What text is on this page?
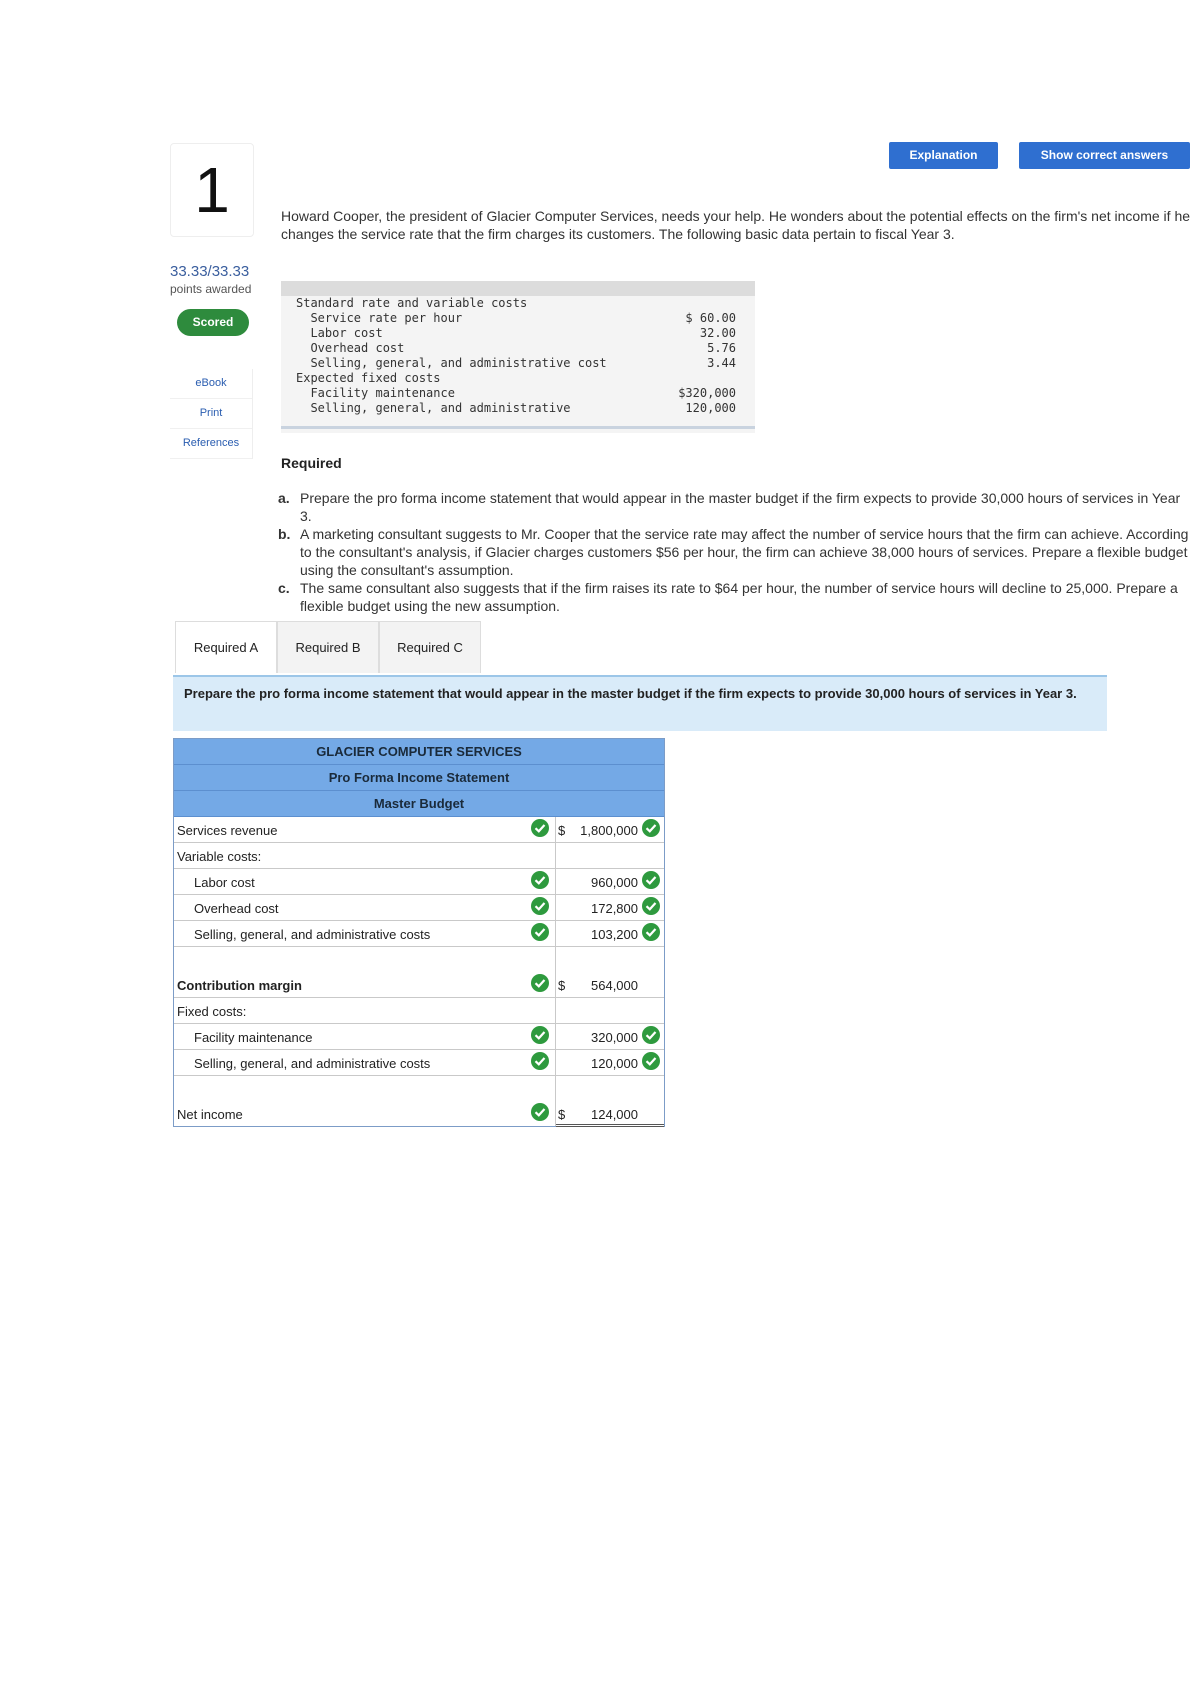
1
33.33/33.33
points awarded
Scored
eBook
Print
References
Explanation	Show correct answers
Howard Cooper, the president of Glacier Computer Services, needs your help. He wonders about the potential effects on the firm's net income if he changes the service rate that the firm charges its customers. The following basic data pertain to fiscal Year 3.
Standard rate and variable costs
Service rate per hour	$ 60.00
Labor cost	32.00
Overhead cost	5.76
Selling, general, and administrative cost	3.44
Expected fixed costs
Facility maintenance	$320,000
Selling, general, and administrative	120,000
Required
a. Prepare the pro forma income statement that would appear in the master budget if the firm expects to provide 30,000 hours of services in Year 3.
b. A marketing consultant suggests to Mr. Cooper that the service rate may affect the number of service hours that the firm can achieve. According to the consultant's analysis, if Glacier charges customers $56 per hour, the firm can achieve 38,000 hours of services. Prepare a flexible budget using the consultant's assumption.
c. The same consultant also suggests that if the firm raises its rate to $64 per hour, the number of service hours will decline to 25,000. Prepare a flexible budget using the new assumption.
Required A	Required B	Required C
Prepare the pro forma income statement that would appear in the master budget if the firm expects to provide 30,000 hours of services in Year 3.
GLACIER COMPUTER SERVICES
Pro Forma Income Statement
Master Budget
Services revenue	$ 1,800,000
Variable costs:
Labor cost	960,000
Overhead cost	172,800
Selling, general, and administrative costs	103,200
Contribution margin	$ 564,000
Fixed costs:
Facility maintenance	320,000
Selling, general, and administrative costs	120,000
Net income	$ 124,000
